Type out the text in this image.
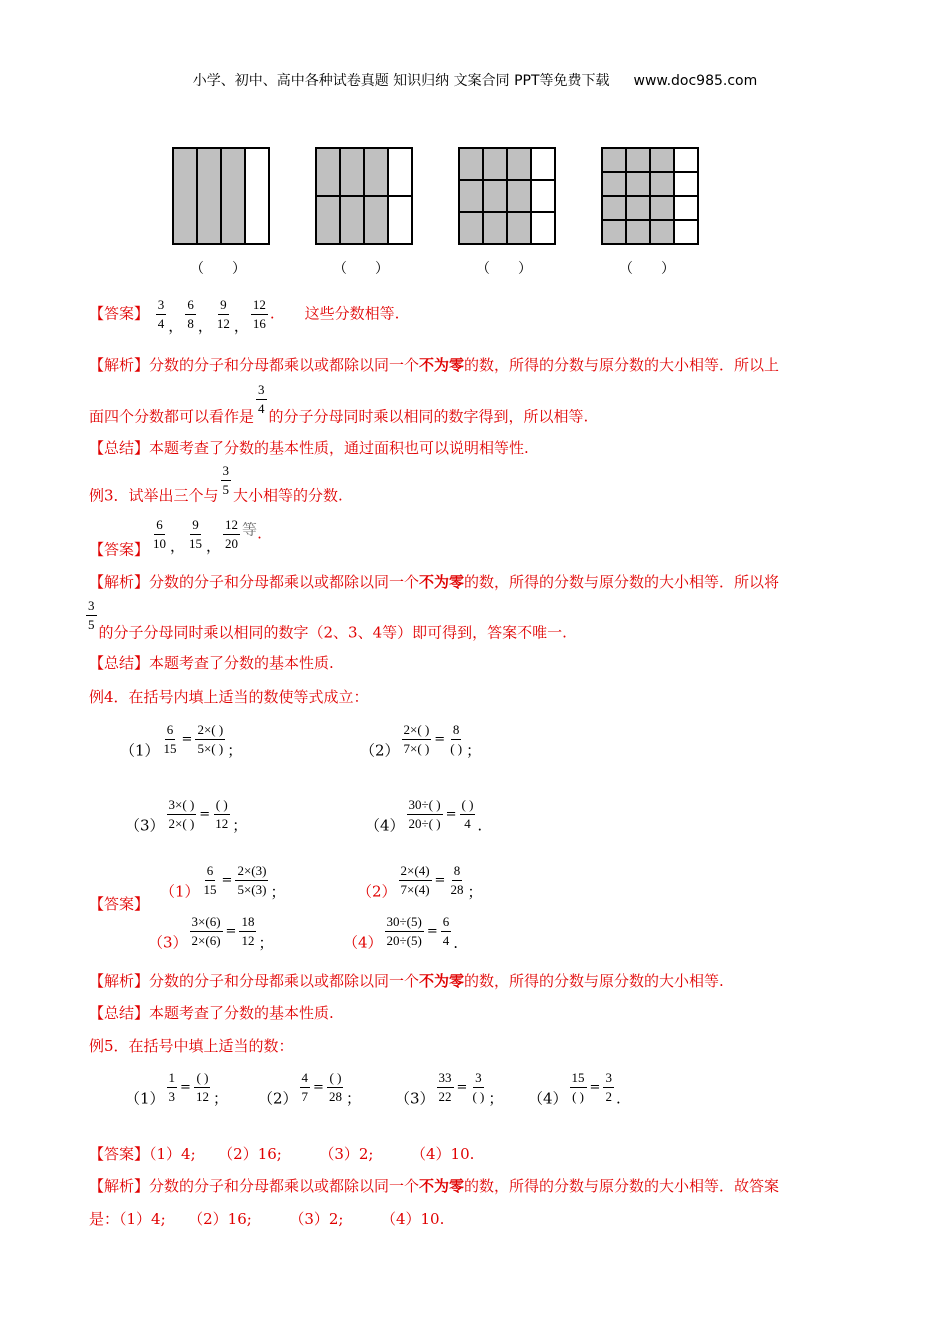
小学、初中、高中各种试卷真题 知识归纳 文案合同 PPT等免费下载 www.doc985.com
（　　）	（　　）	（　　）	（　　）
【答案】 $\frac{3}{4}$ ， $\frac{6}{8}$ ， $\frac{9}{12}$ ， $\frac{12}{16}$ .　　这些分数相等.
【解析】分数的分子和分母都乘以或都除以同一个不为零的数，所得的分数与原分数的大小相等．所以上
面四个分数都可以看作是 $\frac{3}{4}$ 的分子分母同时乘以相同的数字得到，所以相等.
【总结】本题考查了分数的基本性质，通过面积也可以说明相等性.
例3．试举出三个与 $\frac{3}{5}$ 大小相等的分数.
【答案】 $\frac{6}{10}$ ， $\frac{9}{15}$ ， $\frac{12}{20}$ 等.
【解析】分数的分子和分母都乘以或都除以同一个不为零的数，所得的分数与原分数的大小相等．所以将
$\frac{3}{5}$ 的分子分母同时乘以相同的数字（2、3、4等）即可得到，答案不唯一.
【总结】本题考查了分数的基本性质.
例4．在括号内填上适当的数使等式成立：
$(1) \frac{6}{15} = \frac{2\times( )}{5\times( )}$ ；	$(2) \frac{2\times( )}{7\times( )} = \frac{8}{( )}$ ；
$(3) \frac{3\times( )}{2\times( )} = \frac{( )}{12}$ ；	$(4) \frac{30\div( )}{20\div( )} = \frac{( )}{4}$ .
【答案】
$(1) \frac{6}{15} = \frac{2\times(3)}{5\times(3)}$ ；	$(2) \frac{2\times(4)}{7\times(4)} = \frac{8}{28}$ ；
$(3) \frac{3\times(6)}{2\times(6)} = \frac{18}{12}$ ；	$(4) \frac{30\div(5)}{20\div(5)} = \frac{6}{4}$ .
【解析】分数的分子和分母都乘以或都除以同一个不为零的数，所得的分数与原分数的大小相等.
【总结】本题考查了分数的基本性质.
例5．在括号中填上适当的数：
$(1) \frac{1}{3} = \frac{( )}{12}$ ； $(2) \frac{4}{7} = \frac{( )}{28}$ ； $(3) \frac{33}{22} = \frac{3}{( )}$ ； $(4) \frac{15}{( )} = \frac{3}{2}$ .
【答案】（1）4;　　（2）16;　　　（3）2;　　　（4）10.
【解析】分数的分子和分母都乘以或都除以同一个不为零的数，所得的分数与原分数的大小相等．故答案
是：（1）4;　　（2）16;　　　（3）2;　　　（4）10.
